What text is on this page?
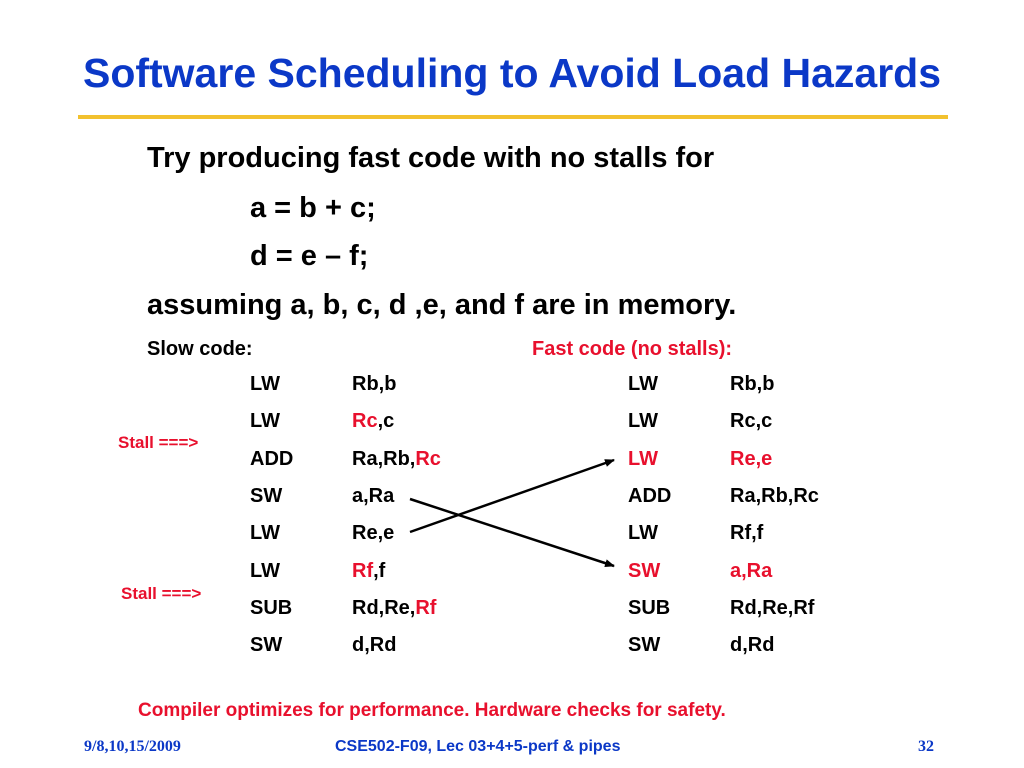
Software Scheduling to Avoid Load Hazards
Try producing fast code with no stalls for
a = b + c;
d = e – f;
assuming a, b, c, d ,e, and f are in memory.
Slow code:	Fast code (no stalls):
LW	Rb,b
LW	Rc,c
ADD	Ra,Rb,Rc
SW	a,Ra
LW	Re,e
LW	Rf,f
SUB	Rd,Re,Rf
SW	d,Rd
LW	Rb,b
LW	Rc,c
LW	Re,e
ADD	Ra,Rb,Rc
LW	Rf,f
SW	a,Ra
SUB	Rd,Re,Rf
SW	d,Rd
Stall ===>
Stall ===>
Compiler optimizes for performance. Hardware checks for safety.
9/8,10,15/2009	CSE502-F09, Lec 03+4+5-perf & pipes	32
